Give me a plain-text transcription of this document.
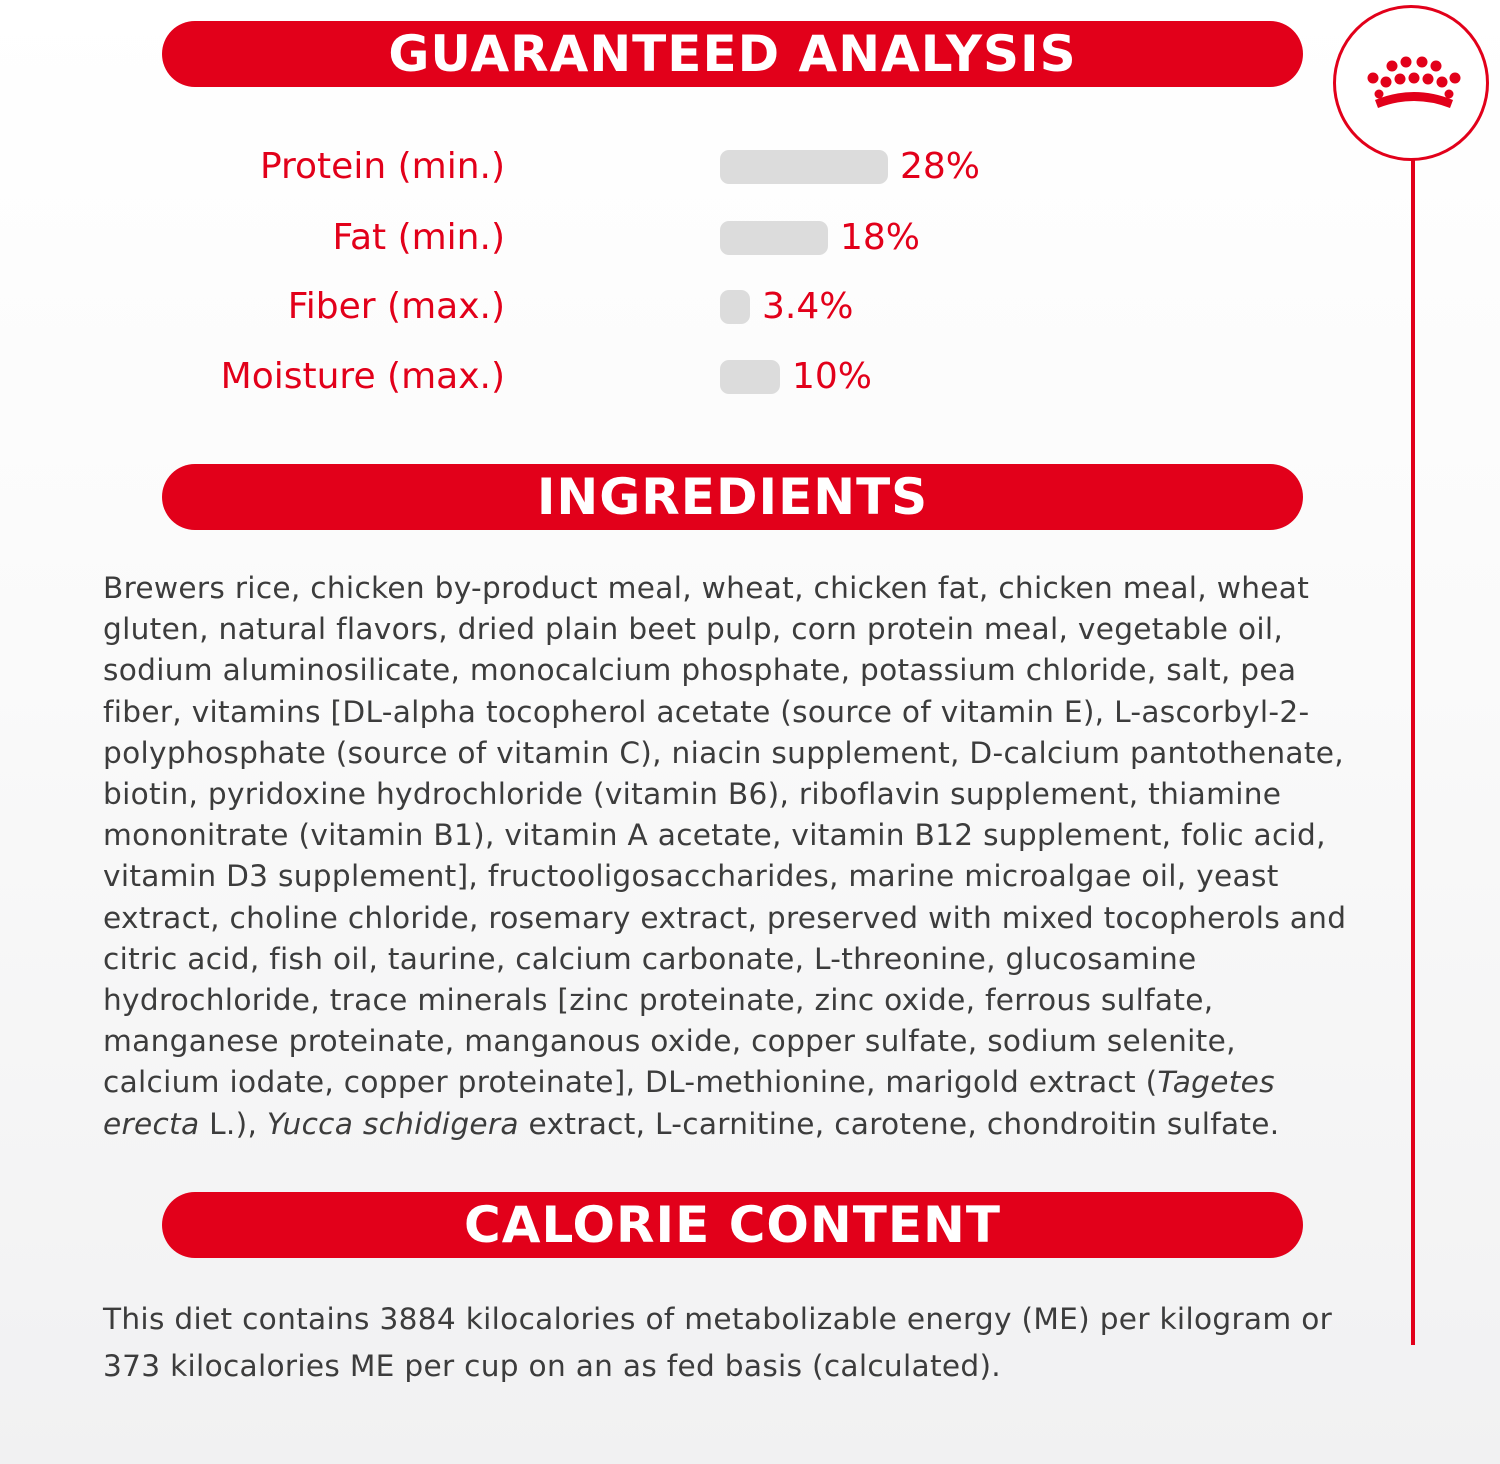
GUARANTEED ANALYSIS
Protein (min.)	28%
Fat (min.)	18%
Fiber (max.)	3.4%
Moisture (max.)	10%
INGREDIENTS
Brewers rice, chicken by-product meal, wheat, chicken fat, chicken meal, wheat gluten, natural flavors, dried plain beet pulp, corn protein meal, vegetable oil, sodium aluminosilicate, monocalcium phosphate, potassium chloride, salt, pea fiber, vitamins [DL-alpha tocopherol acetate (source of vitamin E), L-ascorbyl-2-polyphosphate (source of vitamin C), niacin supplement, D-calcium pantothenate, biotin, pyridoxine hydrochloride (vitamin B6), riboflavin supplement, thiamine mononitrate (vitamin B1), vitamin A acetate, vitamin B12 supplement, folic acid, vitamin D3 supplement], fructooligosaccharides, marine microalgae oil, yeast extract, choline chloride, rosemary extract, preserved with mixed tocopherols and citric acid, fish oil, taurine, calcium carbonate, L-threonine, glucosamine hydrochloride, trace minerals [zinc proteinate, zinc oxide, ferrous sulfate, manganese proteinate, manganous oxide, copper sulfate, sodium selenite, calcium iodate, copper proteinate], DL-methionine, marigold extract (Tagetes erecta L.), Yucca schidigera extract, L-carnitine, carotene, chondroitin sulfate.
CALORIE CONTENT
This diet contains 3884 kilocalories of metabolizable energy (ME) per kilogram or 373 kilocalories ME per cup on an as fed basis (calculated).
